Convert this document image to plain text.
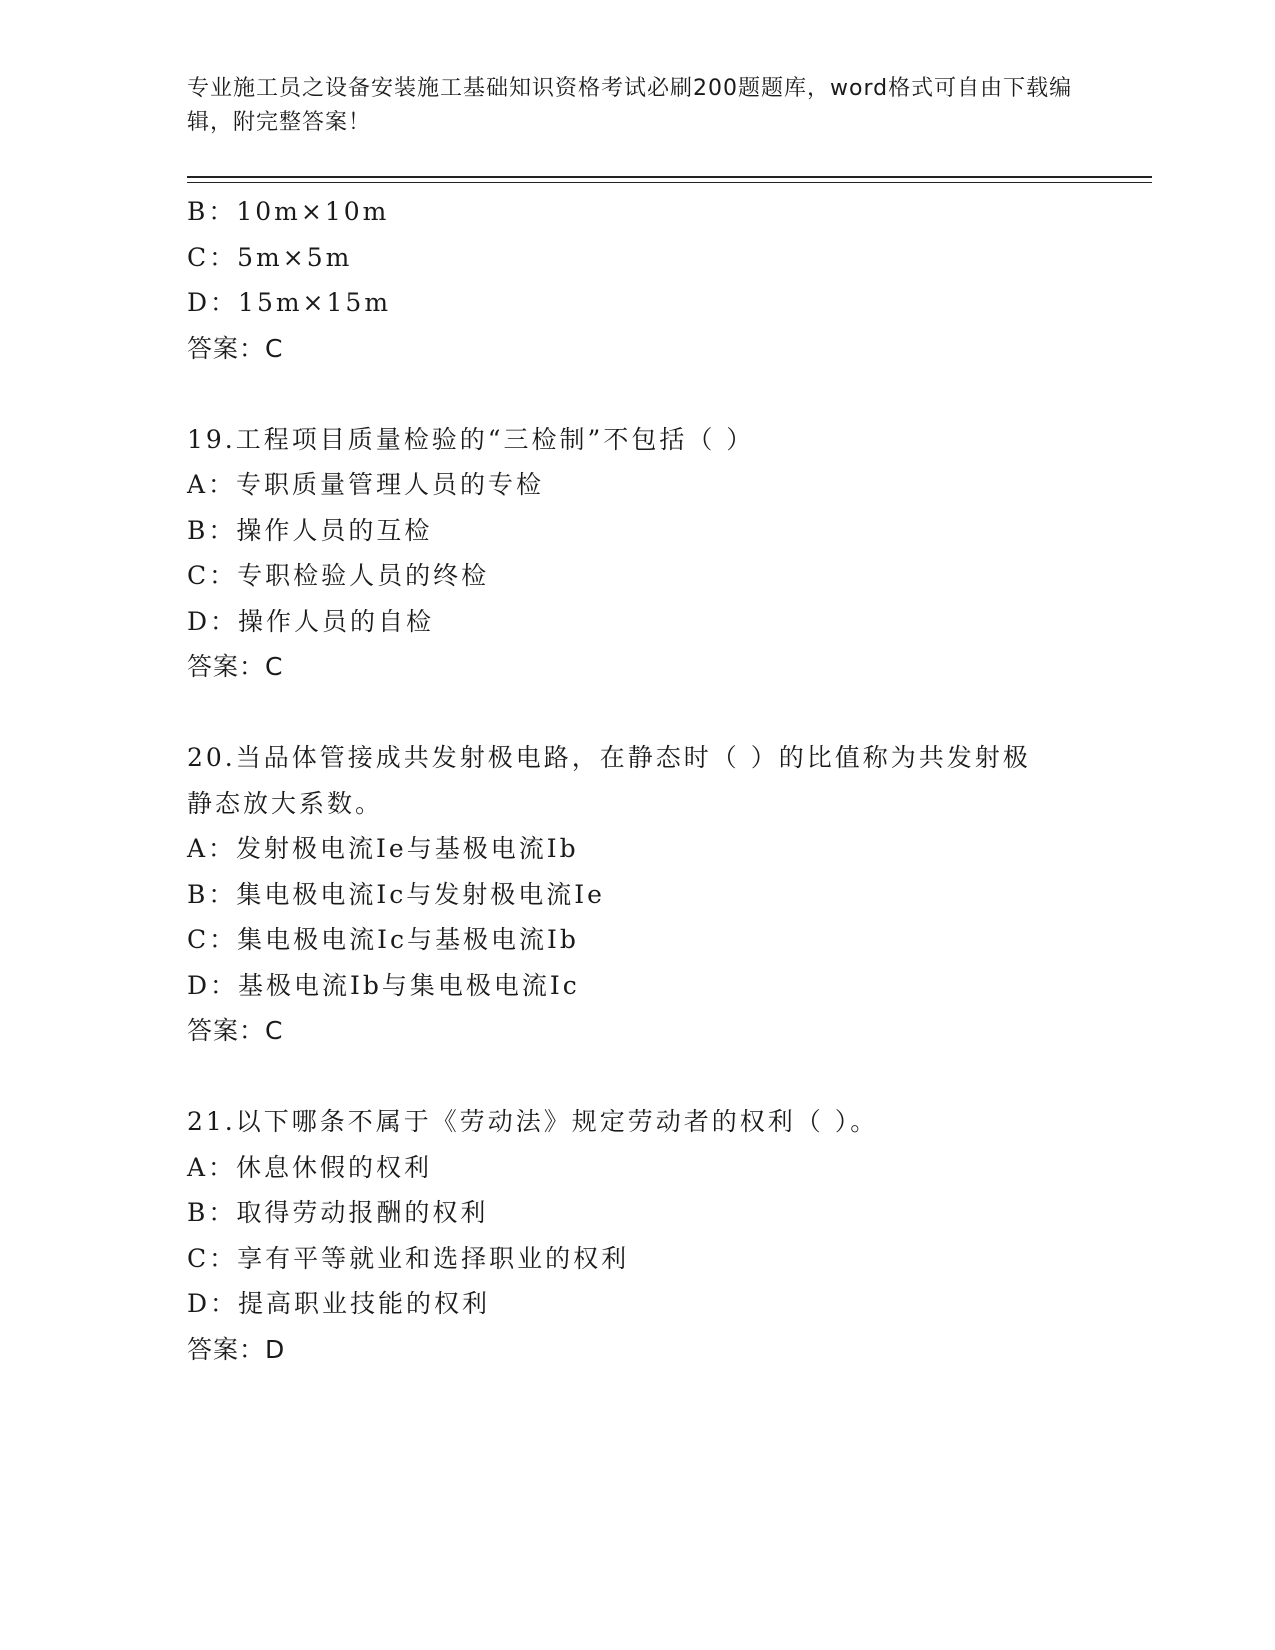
专业施工员之设备安装施工基础知识资格考试必刷200题题库，word格式可自由下载编辑，附完整答案！
B：10m×10m
C：5m×5m
D：15m×15m
答案：C
19.工程项目质量检验的“三检制”不包括（ ）
A：专职质量管理人员的专检
B：操作人员的互检
C：专职检验人员的终检
D：操作人员的自检
答案：C
20.当品体管接成共发射极电路，在静态时（ ）的比值称为共发射极静态放大系数。
A：发射极电流Ie与基极电流Ib
B：集电极电流Ic与发射极电流Ie
C：集电极电流Ic与基极电流Ib
D：基极电流Ib与集电极电流Ic
答案：C
21.以下哪条不属于《劳动法》规定劳动者的权利（ ）。
A：休息休假的权利
B：取得劳动报酬的权利
C：享有平等就业和选择职业的权利
D：提高职业技能的权利
答案：D
